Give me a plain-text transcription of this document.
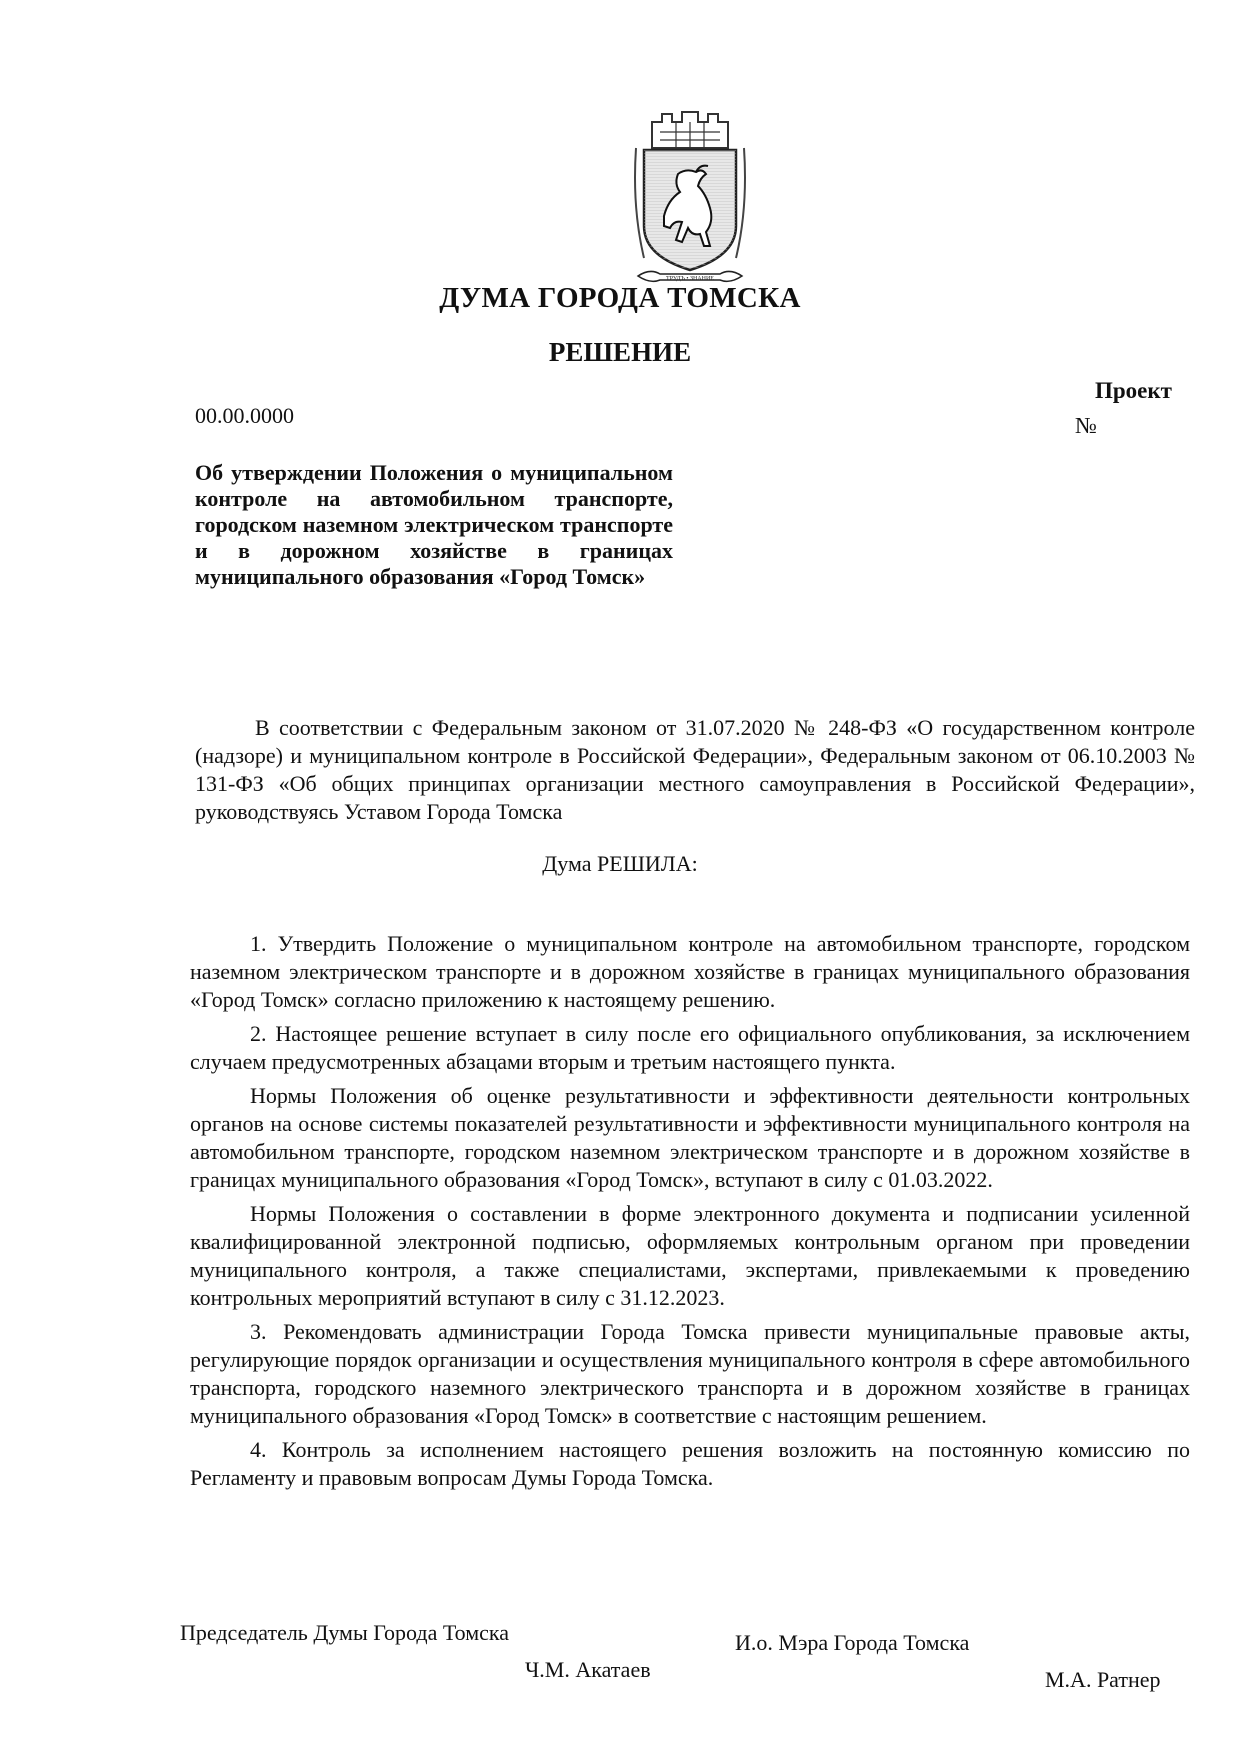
ТРУДЪ • ЗНАНИЕ
ДУМА ГОРОДА ТОМСКА
РЕШЕНИЕ
Проект
№
00.00.0000
Об утверждении Положения о муниципальном контроле на автомобильном транспорте, городском наземном электрическом транспорте и в дорожном хозяйстве в границах муниципального образования «Город Томск»
В соответствии с Федеральным законом от 31.07.2020 № 248-ФЗ «О государственном контроле (надзоре) и муниципальном контроле в Российской Федерации», Федеральным законом от 06.10.2003 № 131-ФЗ «Об общих принципах организации местного самоуправления в Российской Федерации», руководствуясь Уставом Города Томска
Дума РЕШИЛА:

1. Утвердить Положение о муниципальном контроле на автомобильном транспорте, городском наземном электрическом транспорте и в дорожном хозяйстве в границах муниципального образования «Город Томск» согласно приложению к настоящему решению.

2. Настоящее решение вступает в силу после его официального опубликования, за исключением случаем предусмотренных абзацами вторым и третьим настоящего пункта.

Нормы Положения об оценке результативности и эффективности деятельности контрольных органов на основе системы показателей результативности и эффективности муниципального контроля на автомобильном транспорте, городском наземном электрическом транспорте и в дорожном хозяйстве в границах муниципального образования «Город Томск», вступают в силу с 01.03.2022.

Нормы Положения о составлении в форме электронного документа и подписании усиленной квалифицированной электронной подписью, оформляемых контрольным органом при проведении муниципального контроля, а также специалистами, экспертами, привлекаемыми к проведению контрольных мероприятий вступают в силу с 31.12.2023.

3. Рекомендовать администрации Города Томска привести муниципальные правовые акты, регулирующие порядок организации и осуществления муниципального контроля в сфере автомобильного транспорта, городского наземного электрического транспорта и в дорожном хозяйстве в границах муниципального образования «Город Томск» в соответствие с настоящим решением.

4. Контроль за исполнением настоящего решения возложить на постоянную комиссию по Регламенту и правовым вопросам Думы Города Томска.

Председатель Думы Города Томска
Ч.М. Акатаев
И.о. Мэра Города Томска
М.А. Ратнер
